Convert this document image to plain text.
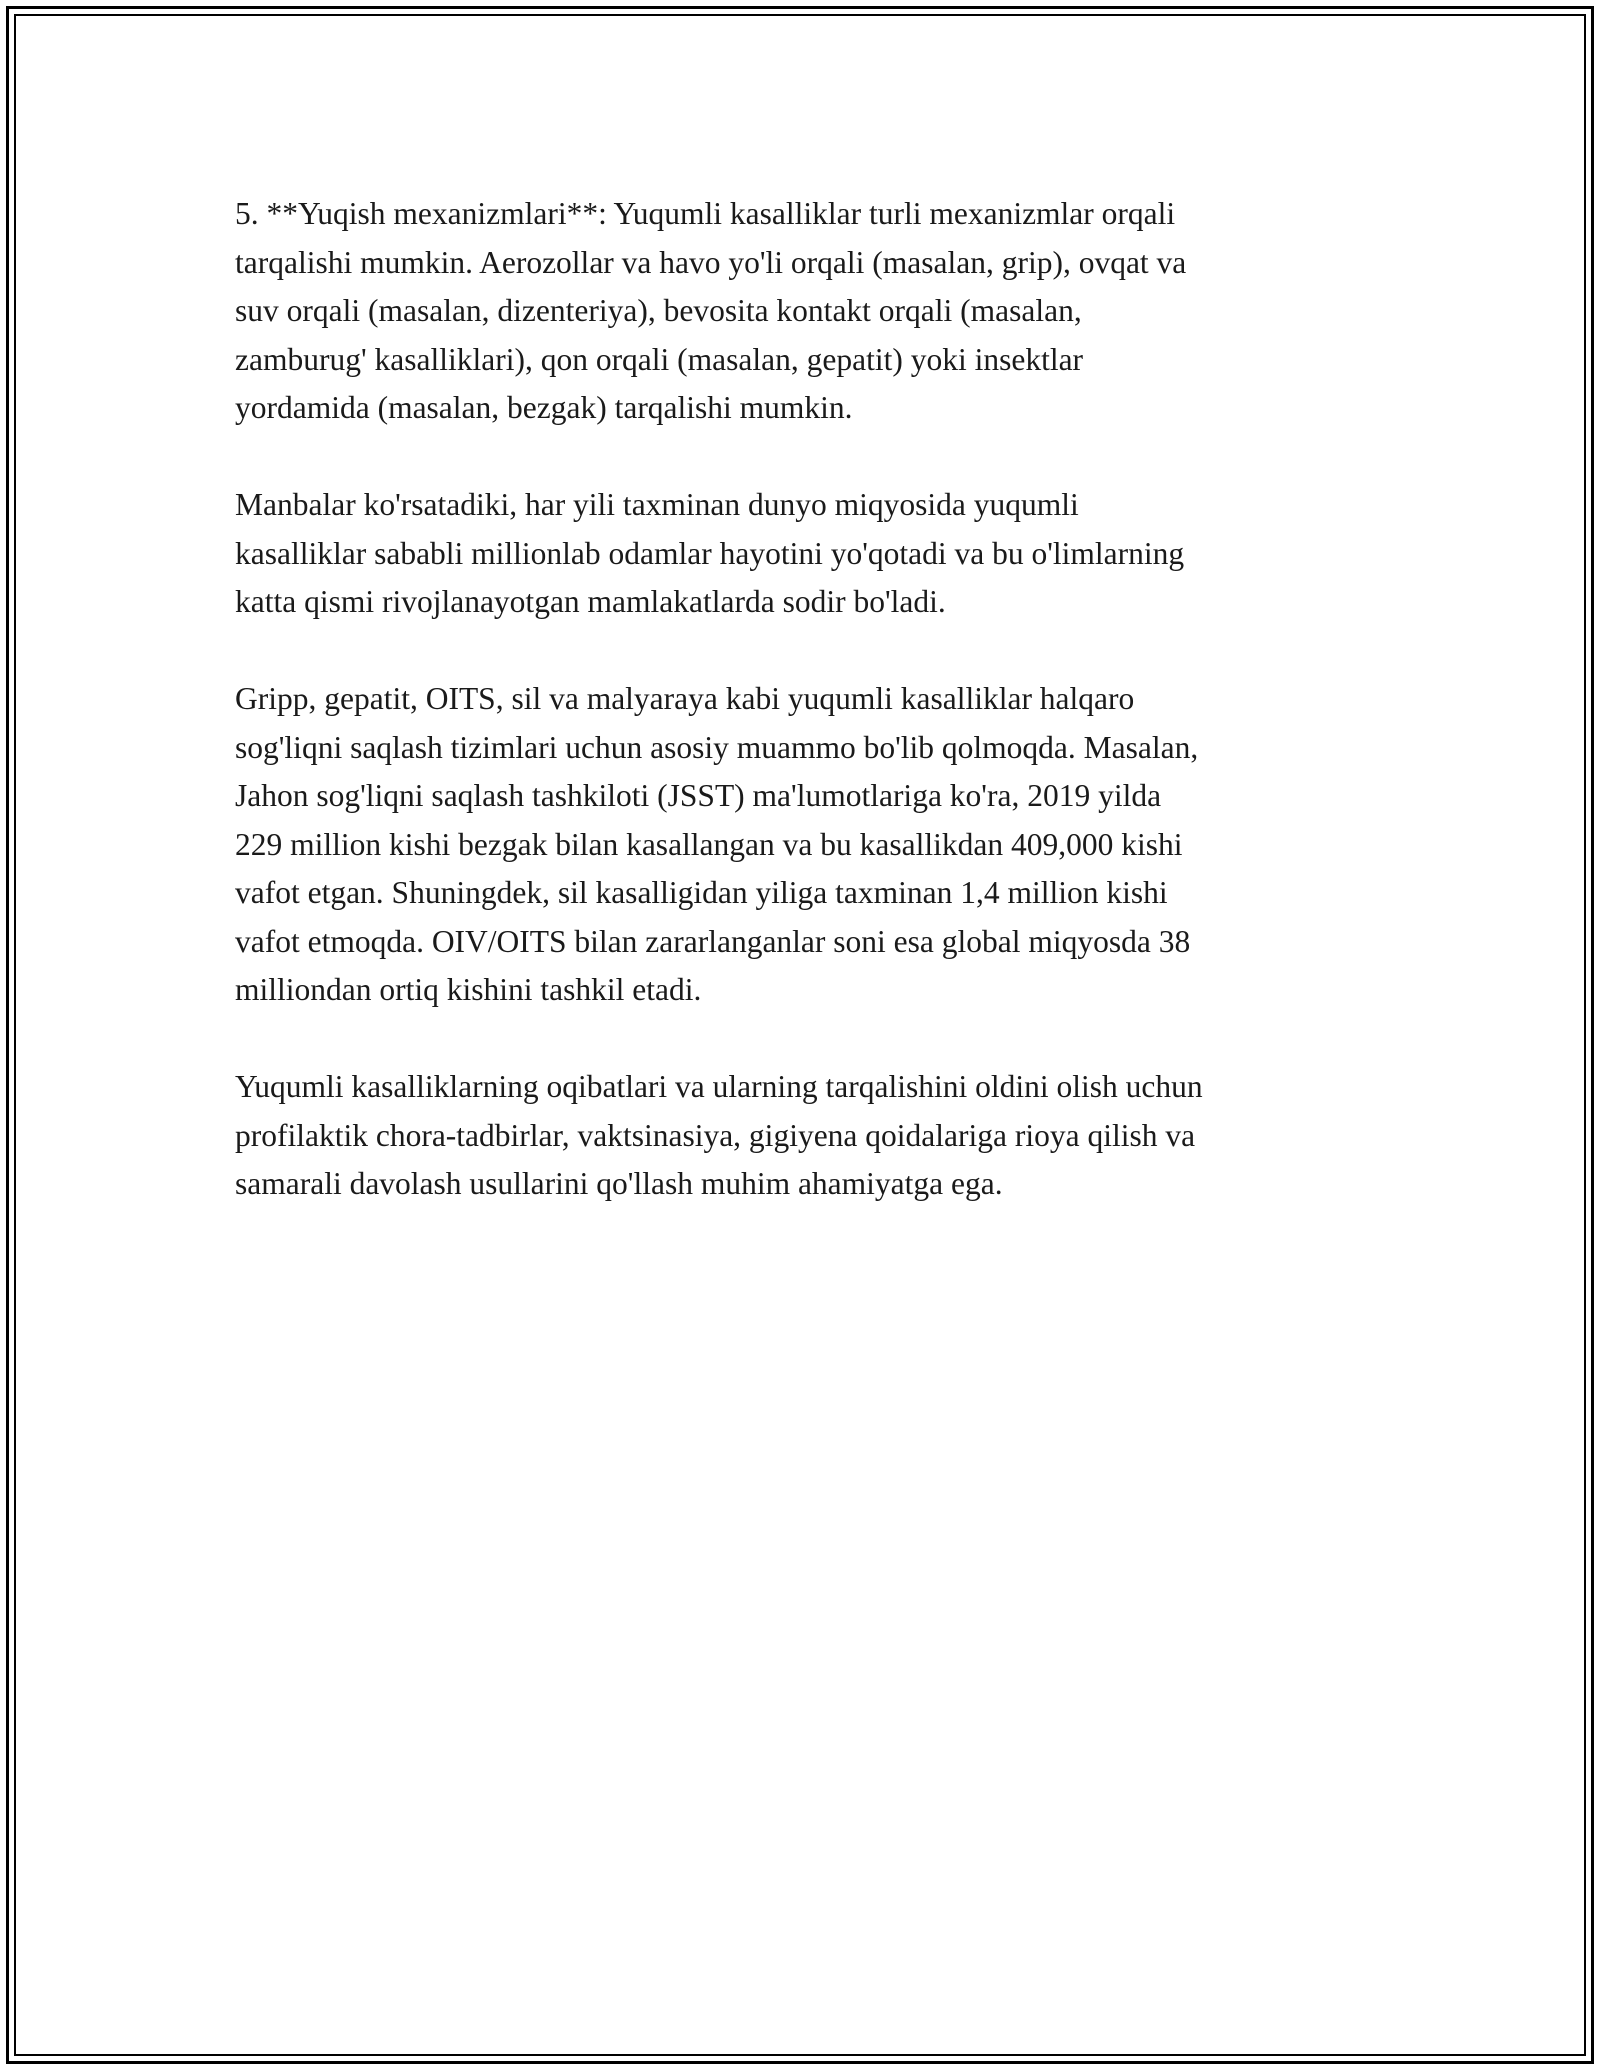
5. **Yuqish mexanizmlari**: Yuqumli kasalliklar turli mexanizmlar orqali
tarqalishi mumkin. Aerozollar va havo yo'li orqali (masalan, grip), ovqat va
suv orqali (masalan, dizenteriya), bevosita kontakt orqali (masalan,
zamburug' kasalliklari), qon orqali (masalan, gepatit) yoki insektlar
yordamida (masalan, bezgak) tarqalishi mumkin.

Manbalar ko'rsatadiki, har yili taxminan dunyo miqyosida yuqumli
kasalliklar sababli millionlab odamlar hayotini yo'qotadi va bu o'limlarning
katta qismi rivojlanayotgan mamlakatlarda sodir bo'ladi.

Gripp, gepatit, OITS, sil va malyaraya kabi yuqumli kasalliklar halqaro
sog'liqni saqlash tizimlari uchun asosiy muammo bo'lib qolmoqda. Masalan,
Jahon sog'liqni saqlash tashkiloti (JSST) ma'lumotlariga ko'ra, 2019 yilda
229 million kishi bezgak bilan kasallangan va bu kasallikdan 409,000 kishi
vafot etgan. Shuningdek, sil kasalligidan yiliga taxminan 1,4 million kishi
vafot etmoqda. OIV/OITS bilan zararlanganlar soni esa global miqyosda 38
milliondan ortiq kishini tashkil etadi.

Yuqumli kasalliklarning oqibatlari va ularning tarqalishini oldini olish uchun
profilaktik chora-tadbirlar, vaktsinasiya, gigiyena qoidalariga rioya qilish va
samarali davolash usullarini qo'llash muhim ahamiyatga ega.
